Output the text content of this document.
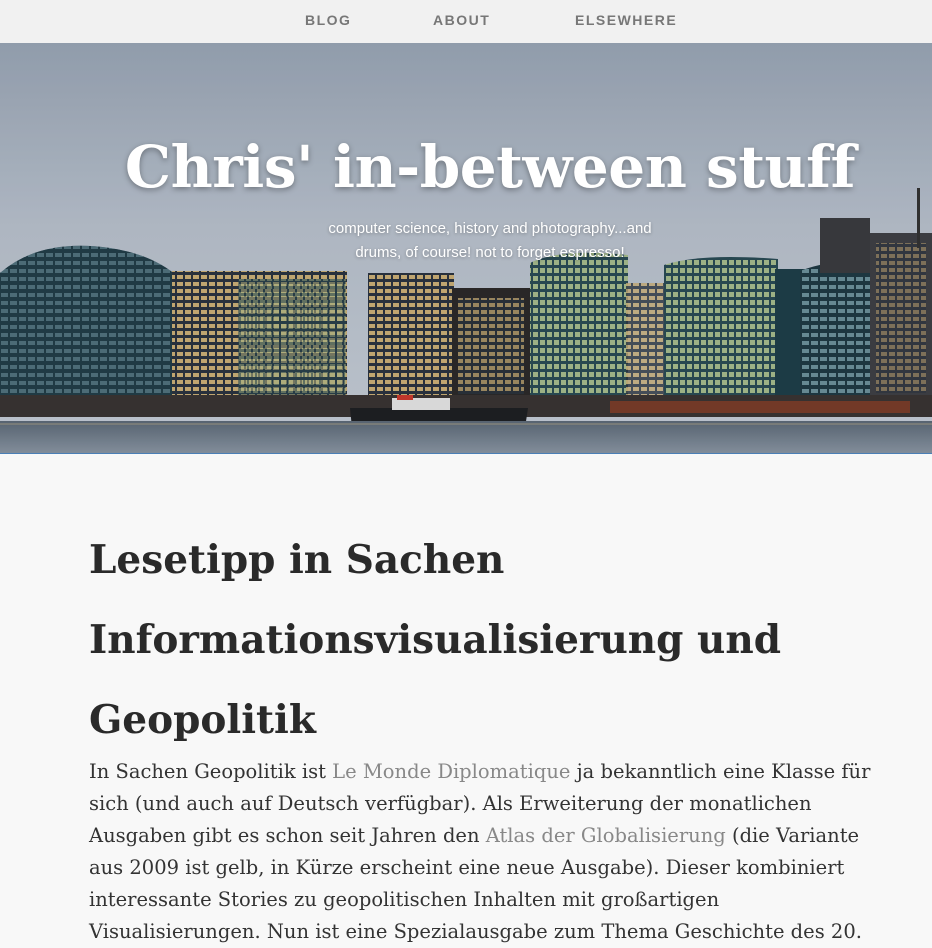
BLOG	ABOUT	ELSEWHERE
Chris' in-between stuff
computer science, history and photography...and
drums, of course! not to forget espresso!
Lesetipp in Sachen Informationsvisualisierung und Geopolitik

In Sachen Geopolitik ist Le Monde Diplomatique ja bekanntlich eine Klasse für sich (und auch auf Deutsch verfügbar). Als Erweiterung der monatlichen Ausgaben gibt es schon seit Jahren den Atlas der Globalisierung (die Variante aus 2009 ist gelb, in Kürze erscheint eine neue Ausgabe). Dieser kombiniert interessante Stories zu geopolitischen Inhalten mit großartigen Visualisierungen. Nun ist eine Spezialausgabe zum Thema Geschichte des 20.
